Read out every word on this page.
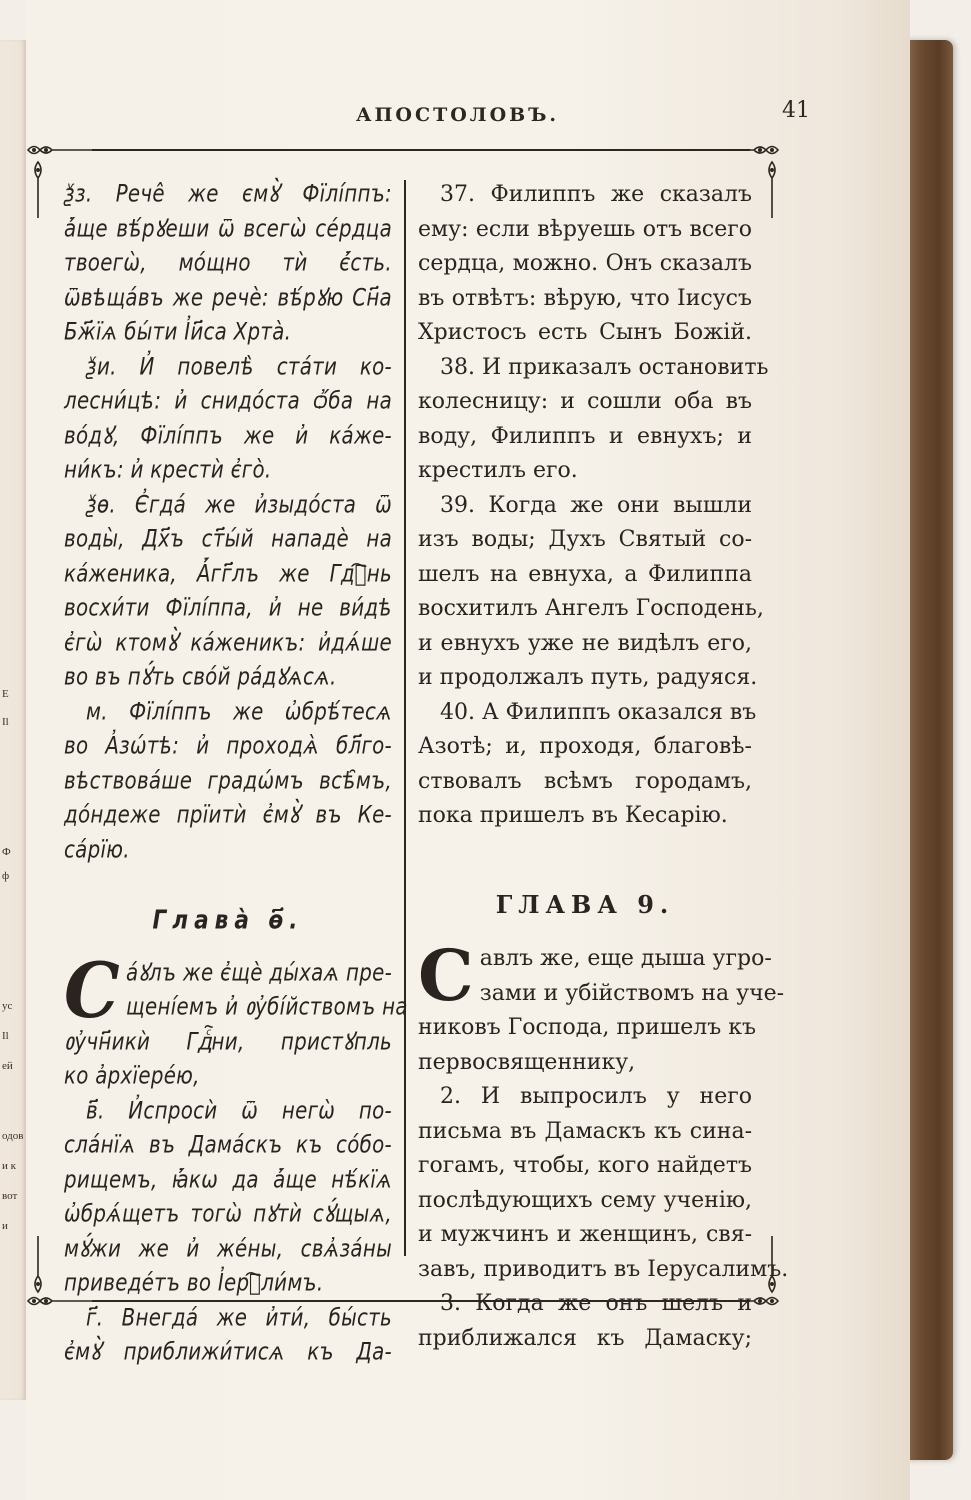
Е
Il
Ф
ф
ус
Il
ей
одов
и к
вот
и
АПОСТОЛОВЪ.	41

ѯз. Рече̂ же ємꙋ̀ Фїлі́ппъ:

а҆́ще вѣ́рꙋеши ѿ всегѡ̀ се́рдца

твоегѡ̀, мо́щно тѝ є҆́сть.

ѿвѣща́въ же речѐ: вѣ́рꙋю Сн҃а

Бж҃їѧ бы́ти І҆и҃са Хрта̀.

ѯи. И҆ повелѣ̀ ста́ти ко-

лесни́цѣ: и҆ снидо́ста ѻ҆́ба на

во́дꙋ, Фїлі́ппъ же и҆ ка́же-

ни́къ: и҆ крестѝ є҆го̀.

ѯѳ. Є҆гда́ же и҆зыдо́ста ѿ

воды̀, Дх҃ъ ст҃ы́й нападѐ на

ка́женика, А҆́гг҃лъ же Гдⷭ҇нь

восхи́ти Фїлі́ппа, и҆ не ви́дѣ

є҆гѡ̀ ктомꙋ̀ ка́женикъ: и҆дѧ́ше

во въ пꙋ́ть сво́й ра́дꙋѧсѧ.

м. Фїлі́ппъ же ѡ҆брѣ́тесѧ

во А҆зѡ́тѣ: и҆ проходѧ̀ бл҃го-

вѣствова́ше градѡ́мъ всѣ̑мъ,

до́ндеже прїитѝ є҆мꙋ̀ въ Ке-

са́рїю.

Глава̀ ѳ҃.

С а́ꙋлъ же є҆щѐ ды́хаѧ пре-

щені́емъ и҆ ᲂу҆бі́йствомъ на

ᲂу҆чн҃икѝ Гдⷭ҇ни, пристꙋпль

ко а҆рхїере́ю,

в҃. И҆спросѝ ѿ негѡ̀ по-

сла́нїѧ въ Дама́скъ къ со́бо-

рищемъ, ꙗ҆́кѡ да а҆́ще нѣ́кїѧ

ѡ҆брѧ́щетъ тогѡ̀ пꙋтѝ сꙋ́щыѧ,

мꙋ́жи же и҆ же́ны, свѧ҆за́ны

приведе́тъ во І҆ерⷭ҇ли́мъ.

г҃. Внегда́ же и҆ти́, бы́сть

є҆мꙋ̀ приближи́тисѧ къ Да-

37. Филиппъ же сказалъ

ему: если вѣруешь отъ всего

сердца, можно. Онъ сказалъ

въ отвѣтъ: вѣрую, что Іисусъ

Христосъ есть Сынъ Божій.

38. И приказалъ остановить

колесницу: и сошли оба въ

воду, Филиппъ и евнухъ; и

крестилъ его.

39. Когда же они вышли

изъ воды; Духъ Святый со-

шелъ на евнуха, а Филиппа

восхитилъ Ангелъ Господень,

и евнухъ уже не видѣлъ его,

и продолжалъ путь, радуяся.

40. А Филиппъ оказался въ

Азотѣ; и, проходя, благовѣ-

ствовалъ всѣмъ городамъ,

пока пришелъ въ Кесарію.

ГЛАВА 9.

С авлъ же, еще дыша угро-

зами и убійствомъ на уче-

никовъ Господа, пришелъ къ

первосвященнику,

2. И выпросилъ у него

письма въ Дамаскъ къ сина-

гогамъ, чтобы, кого найдетъ

послѣдующихъ сему ученію,

и мужчинъ и женщинъ, свя-

завъ, приводитъ въ Іерусалимъ.

3. Когда же онъ шелъ и

приближался къ Дамаску;
